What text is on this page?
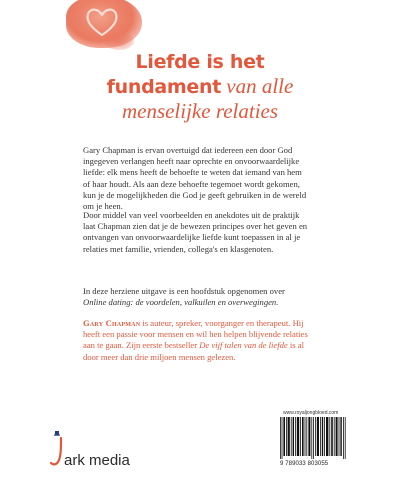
Liefde is het
fundament van alle
menselijke relaties
Gary Chapman is ervan overtuigd dat iedereen een door God
ingegeven verlangen heeft naar oprechte en onvoorwaardelijke
liefde: elk mens heeft de behoefte te weten dat iemand van hem
of haar houdt. Als aan deze behoefte tegemoet wordt gekomen,
kun je de mogelijkheden die God je geeft gebruiken in de wereld
om je heen.
Door middel van veel voorbeelden en anekdotes uit de praktijk
laat Chapman zien dat je de bewezen principes over het geven en
ontvangen van onvoorwaardelijke liefde kunt toepassen in al je
relaties met familie, vrienden, collega's en klasgenoten.
In deze herziene uitgave is een hoofdstuk opgenomen over
Online dating: de voordelen, valkuilen en overwegingen.
Gary Chapman is auteur, spreker, voorganger en therapeut. Hij
heeft een passie voor mensen en wil hen helpen blijvende relaties
aan te gaan. Zijn eerste bestseller De vijf talen van de liefde is al
door meer dan drie miljoen mensen gelezen.
www.royaljongbloed.com
9 789033 803055
ark media
